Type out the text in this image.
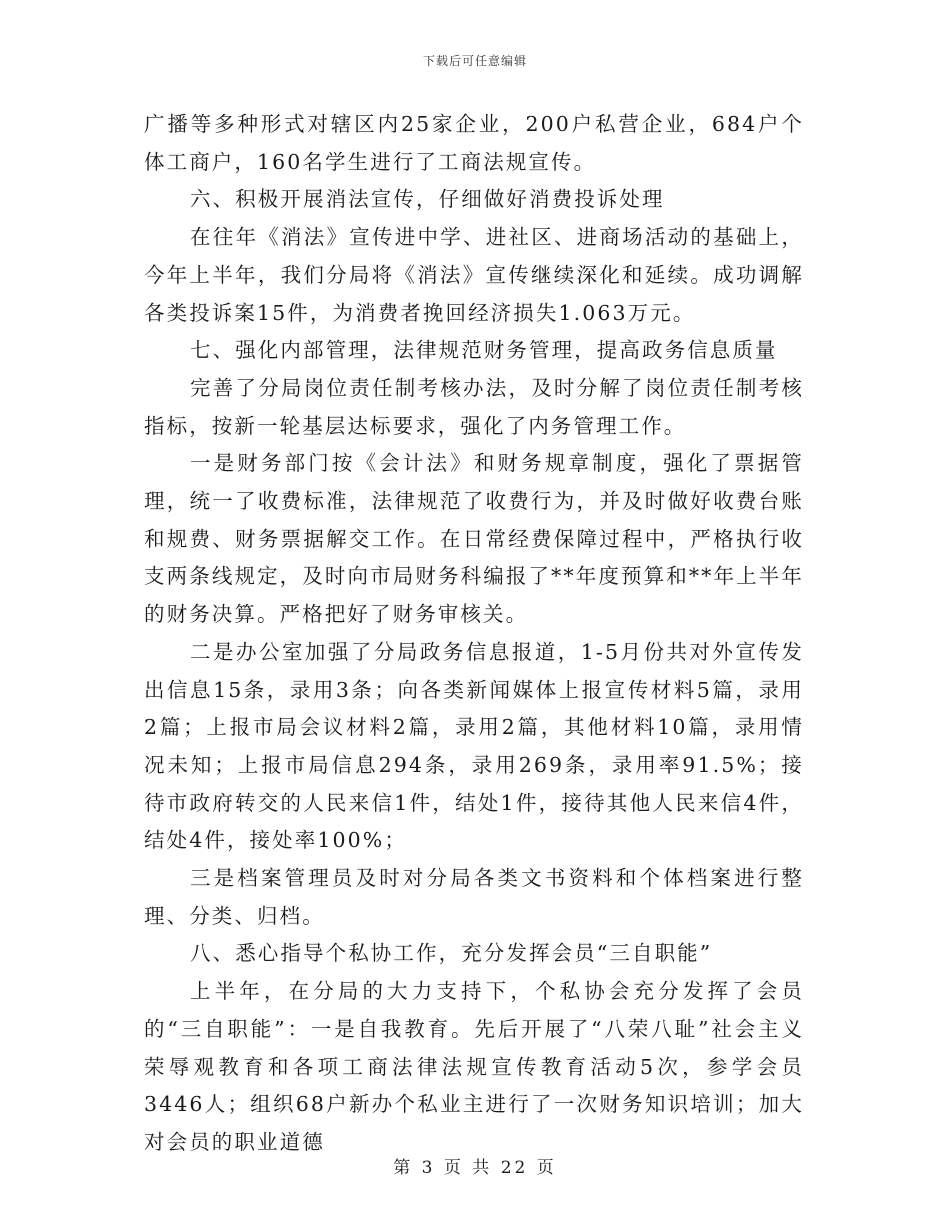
下载后可任意编辑

广播等多种形式对辖区内25家企业，200户私营企业，684户个体工商户，160名学生进行了工商法规宣传。

六、积极开展消法宣传，仔细做好消费投诉处理

在往年《消法》宣传进中学、进社区、进商场活动的基础上，今年上半年，我们分局将《消法》宣传继续深化和延续。成功调解各类投诉案15件，为消费者挽回经济损失1.063万元。

七、强化内部管理，法律规范财务管理，提高政务信息质量

完善了分局岗位责任制考核办法，及时分解了岗位责任制考核指标，按新一轮基层达标要求，强化了内务管理工作。

一是财务部门按《会计法》和财务规章制度，强化了票据管理，统一了收费标准，法律规范了收费行为，并及时做好收费台账和规费、财务票据解交工作。在日常经费保障过程中，严格执行收支两条线规定，及时向市局财务科编报了**年度预算和**年上半年的财务决算。严格把好了财务审核关。

二是办公室加强了分局政务信息报道，1-5月份共对外宣传发出信息15条，录用3条；向各类新闻媒体上报宣传材料5篇，录用2篇；上报市局会议材料2篇，录用2篇，其他材料10篇，录用情况未知；上报市局信息294条，录用269条，录用率91.5%；接待市政府转交的人民来信1件，结处1件，接待其他人民来信4件，结处4件，接处率100%；

三是档案管理员及时对分局各类文书资料和个体档案进行整理、分类、归档。

八、悉心指导个私协工作，充分发挥会员“三自职能”

上半年，在分局的大力支持下，个私协会充分发挥了会员的“三自职能”：一是自我教育。先后开展了“八荣八耻”社会主义荣辱观教育和各项工商法律法规宣传教育活动5次，参学会员3446人；组织68户新办个私业主进行了一次财务知识培训；加大对会员的职业道德

第 3 页 共 22 页
